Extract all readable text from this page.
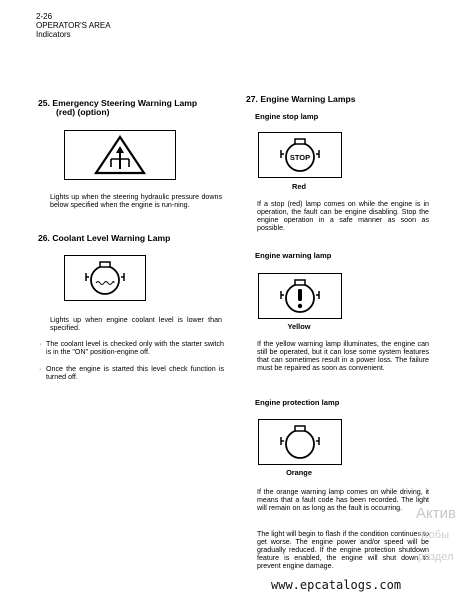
2-26
OPERATOR'S AREA
Indicators
25. Emergency Steering Warning Lamp
(red) (option)
Lights up when the steering hydraulic pressure downs below specified when the engine is run-ning.
26. Coolant Level Warning Lamp
Lights up when engine coolant level is lower than specified.
· The coolant level is checked only with the starter switch is in the "ON" position-engine off.
· Once the engine is started this level check function is turned off.
27. Engine Warning Lamps
Engine stop lamp
STOP
Red
If a stop (red) lamp comes on while the engine is in operation, the fault can be engine disabling. Stop the engine operation in a safe manner as soon as possible.
Engine warning lamp
Yellow
If the yellow warning lamp illuminates, the engine can still be operated, but it can lose some system features that can sometimes result in a power loss. The failure must be repaired as soon as convenient.
Engine protection lamp
Orange
If the orange warning lamp comes on while driving, it means that a fault code has been recorded. The light will remain on as long as the fault is occurring.
The light will begin to flash if the condition continues to get worse. The engine power and/or speed will be gradually reduced. If the engine protection shutdown feature is enabled, the engine will shut down to prevent engine damage.
Актив
чтобы
раздел
www.epcatalogs.com
